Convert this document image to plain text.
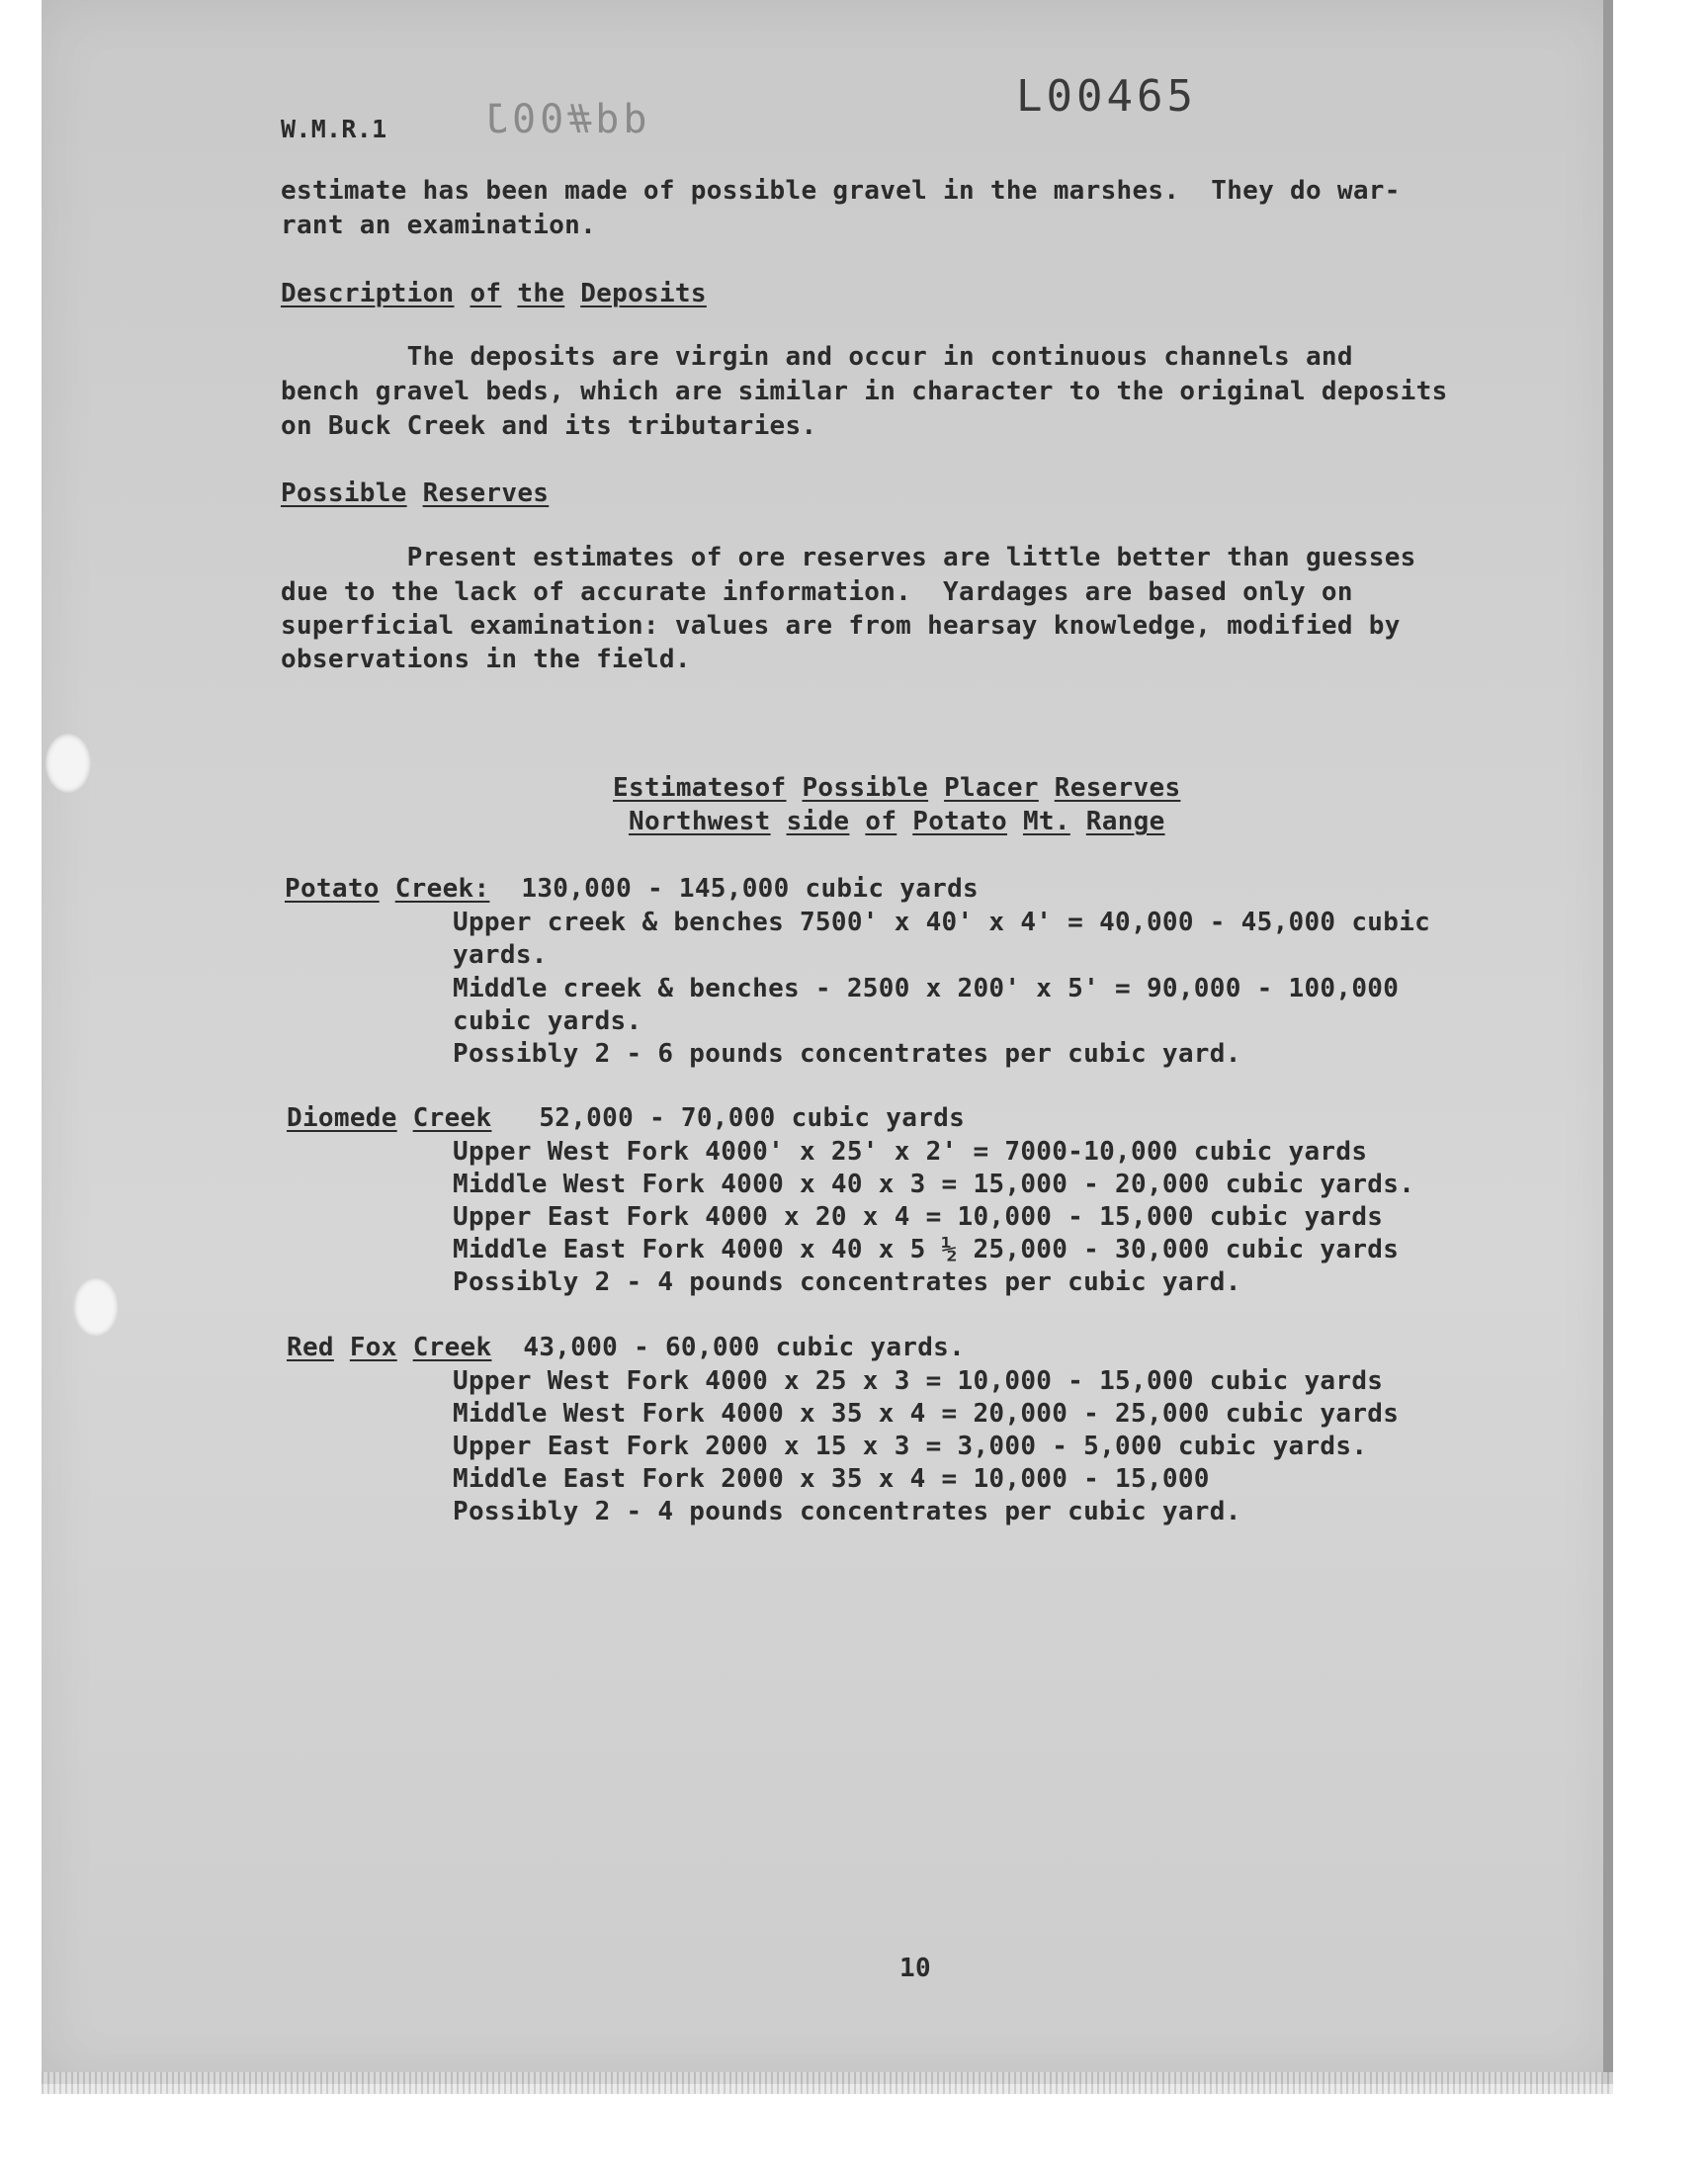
W.M.R.1 dd#00J	L00465
estimate has been made of possible gravel in the marshes.  They do war-
rant an examination.
Description of the Deposits
The deposits are virgin and occur in continuous channels and
bench gravel beds, which are similar in character to the original deposits
on Buck Creek and its tributaries.
Possible Reserves
Present estimates of ore reserves are little better than guesses
due to the lack of accurate information.  Yardages are based only on
superficial examination: values are from hearsay knowledge, modified by
observations in the field.
Estimatesof Possible Placer Reserves
Northwest side of Potato Mt. Range
Potato Creek: 130,000 - 145,000 cubic yards
Upper creek & benches 7500' x 40' x 4' = 40,000 - 45,000 cubic
yards.
Middle creek & benches - 2500 x 200' x 5' = 90,000 - 100,000
cubic yards.
Possibly 2 - 6 pounds concentrates per cubic yard.
Diomede Creek 52,000 - 70,000 cubic yards
Upper West Fork 4000' x 25' x 2' = 7000-10,000 cubic yards
Middle West Fork 4000 x 40 x 3 = 15,000 - 20,000 cubic yards.
Upper East Fork 4000 x 20 x 4 = 10,000 - 15,000 cubic yards
Middle East Fork 4000 x 40 x 5 ½ 25,000 - 30,000 cubic yards
Possibly 2 - 4 pounds concentrates per cubic yard.
Red Fox Creek 43,000 - 60,000 cubic yards.
Upper West Fork 4000 x 25 x 3 = 10,000 - 15,000 cubic yards
Middle West Fork 4000 x 35 x 4 = 20,000 - 25,000 cubic yards
Upper East Fork 2000 x 15 x 3 = 3,000 - 5,000 cubic yards.
Middle East Fork 2000 x 35 x 4 = 10,000 - 15,000
Possibly 2 - 4 pounds concentrates per cubic yard.
10
